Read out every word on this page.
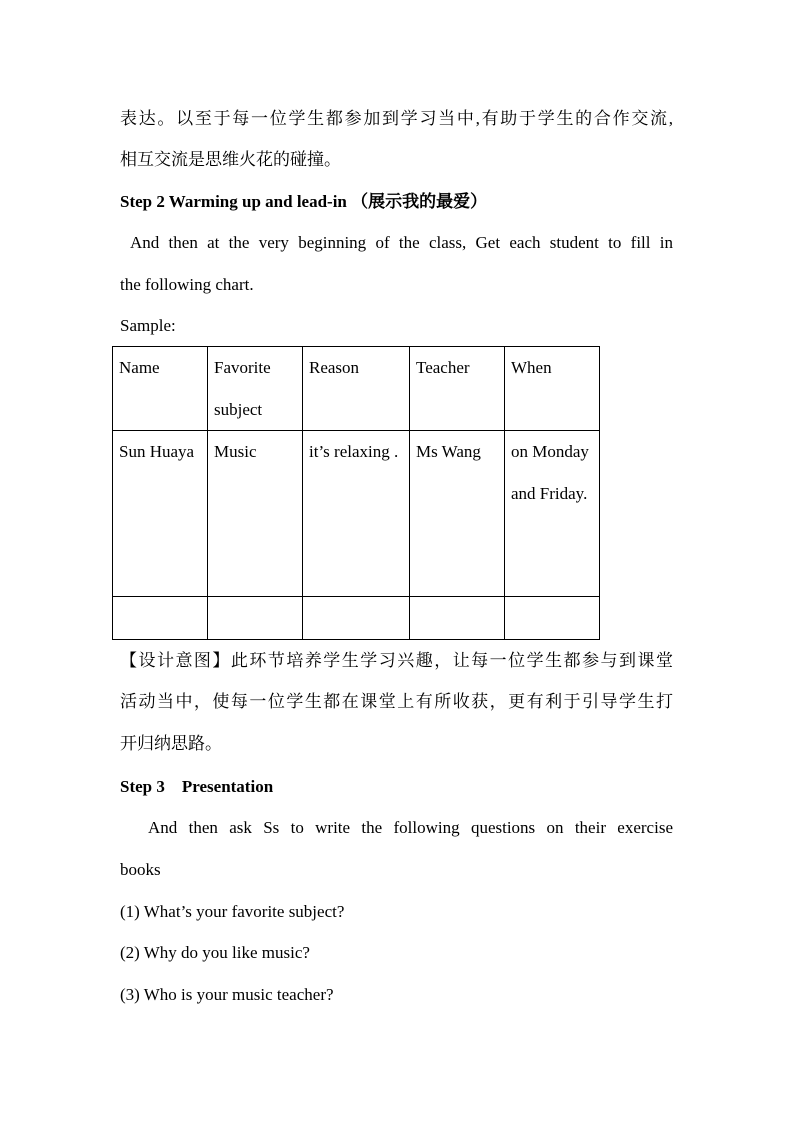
表达。以至于每一位学生都参加到学习当中,有助于学生的合作交流,
相互交流是思维火花的碰撞。
Step 2 Warming up and lead-in （展示我的最爱）
And then at the very beginning of the class, Get each student to fill in
the following chart.
Sample:
Name	Favorite subject	Reason	Teacher	When

Sun Huaya	Music	it’s relaxing .	Ms Wang	on Monday and Friday.

【设计意图】此环节培养学生学习兴趣，让每一位学生都参与到课堂
活动当中，使每一位学生都在课堂上有所收获，更有利于引导学生打
开归纳思路。
Step 3    Presentation
And then ask Ss to write the following questions on their exercise
books
(1) What’s your favorite subject?
(2) Why do you like music?
(3) Who is your music teacher?
